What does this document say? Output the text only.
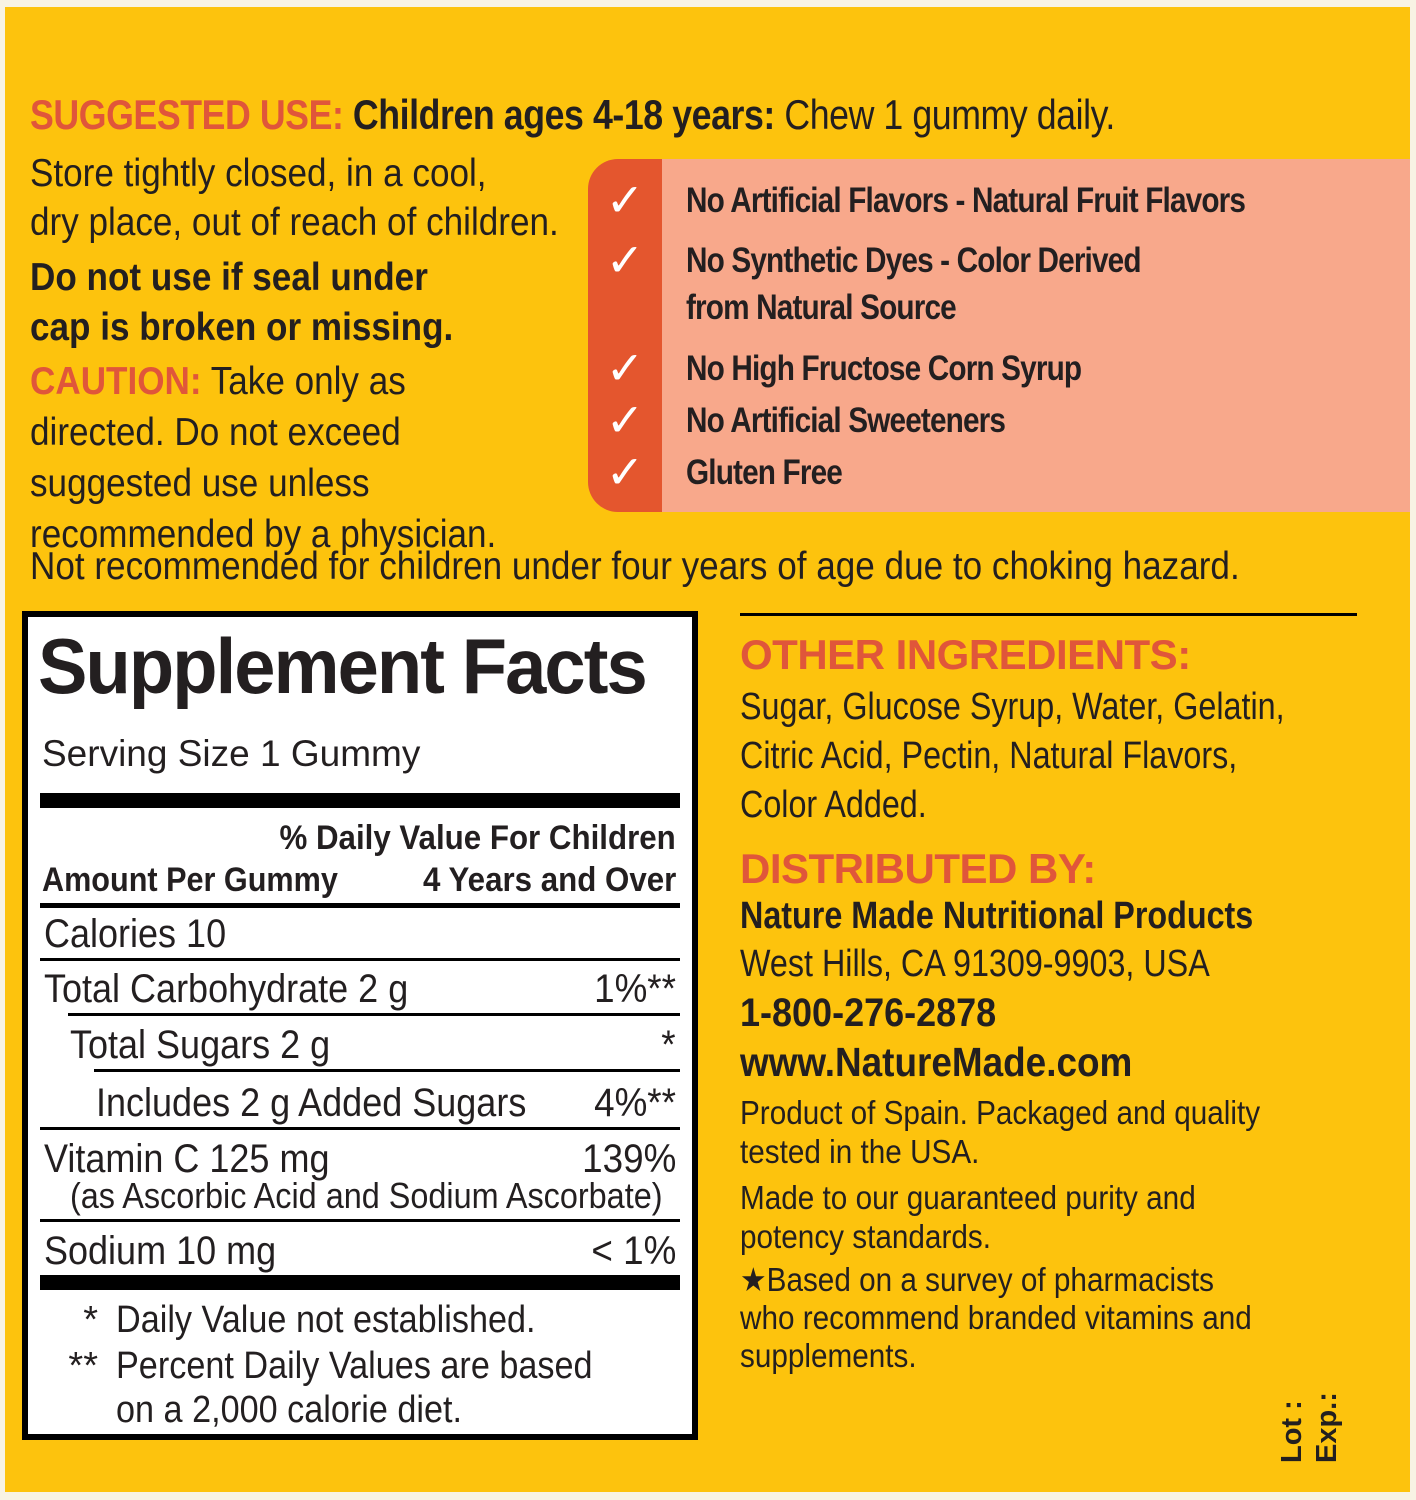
SUGGESTED USE: Children ages 4-18 years: Chew 1 gummy daily.
Store tightly closed, in a cool,
dry place, out of reach of children.
Do not use if seal under
cap is broken or missing.
CAUTION: Take only as
directed. Do not exceed
suggested use unless
recommended by a physician.
Not recommended for children under four years of age due to choking hazard.
✓	No Artificial Flavors - Natural Fruit Flavors
✓	No Synthetic Dyes - Color Derived
from Natural Source
✓	No High Fructose Corn Syrup
✓	No Artificial Sweeteners
✓	Gluten Free
Supplement Facts
Serving Size 1 Gummy
% Daily Value For Children
Amount Per Gummy	4 Years and Over
Calories 10
Total Carbohydrate 2 g	1%**
Total Sugars 2 g	*
Includes 2 g Added Sugars	4%**
Vitamin C 125 mg	139%
(as Ascorbic Acid and Sodium Ascorbate)
Sodium 10 mg	< 1%
* Daily Value not established.
** Percent Daily Values are based
on a 2,000 calorie diet.
OTHER INGREDIENTS:
Sugar, Glucose Syrup, Water, Gelatin,
Citric Acid, Pectin, Natural Flavors,
Color Added.
DISTRIBUTED BY:
Nature Made Nutritional Products
West Hills, CA 91309-9903, USA
1-800-276-2878
www.NatureMade.com
Product of Spain. Packaged and quality
tested in the USA.
Made to our guaranteed purity and
potency standards.
★Based on a survey of pharmacists
who recommend branded vitamins and
supplements.
Lot : Exp.:
